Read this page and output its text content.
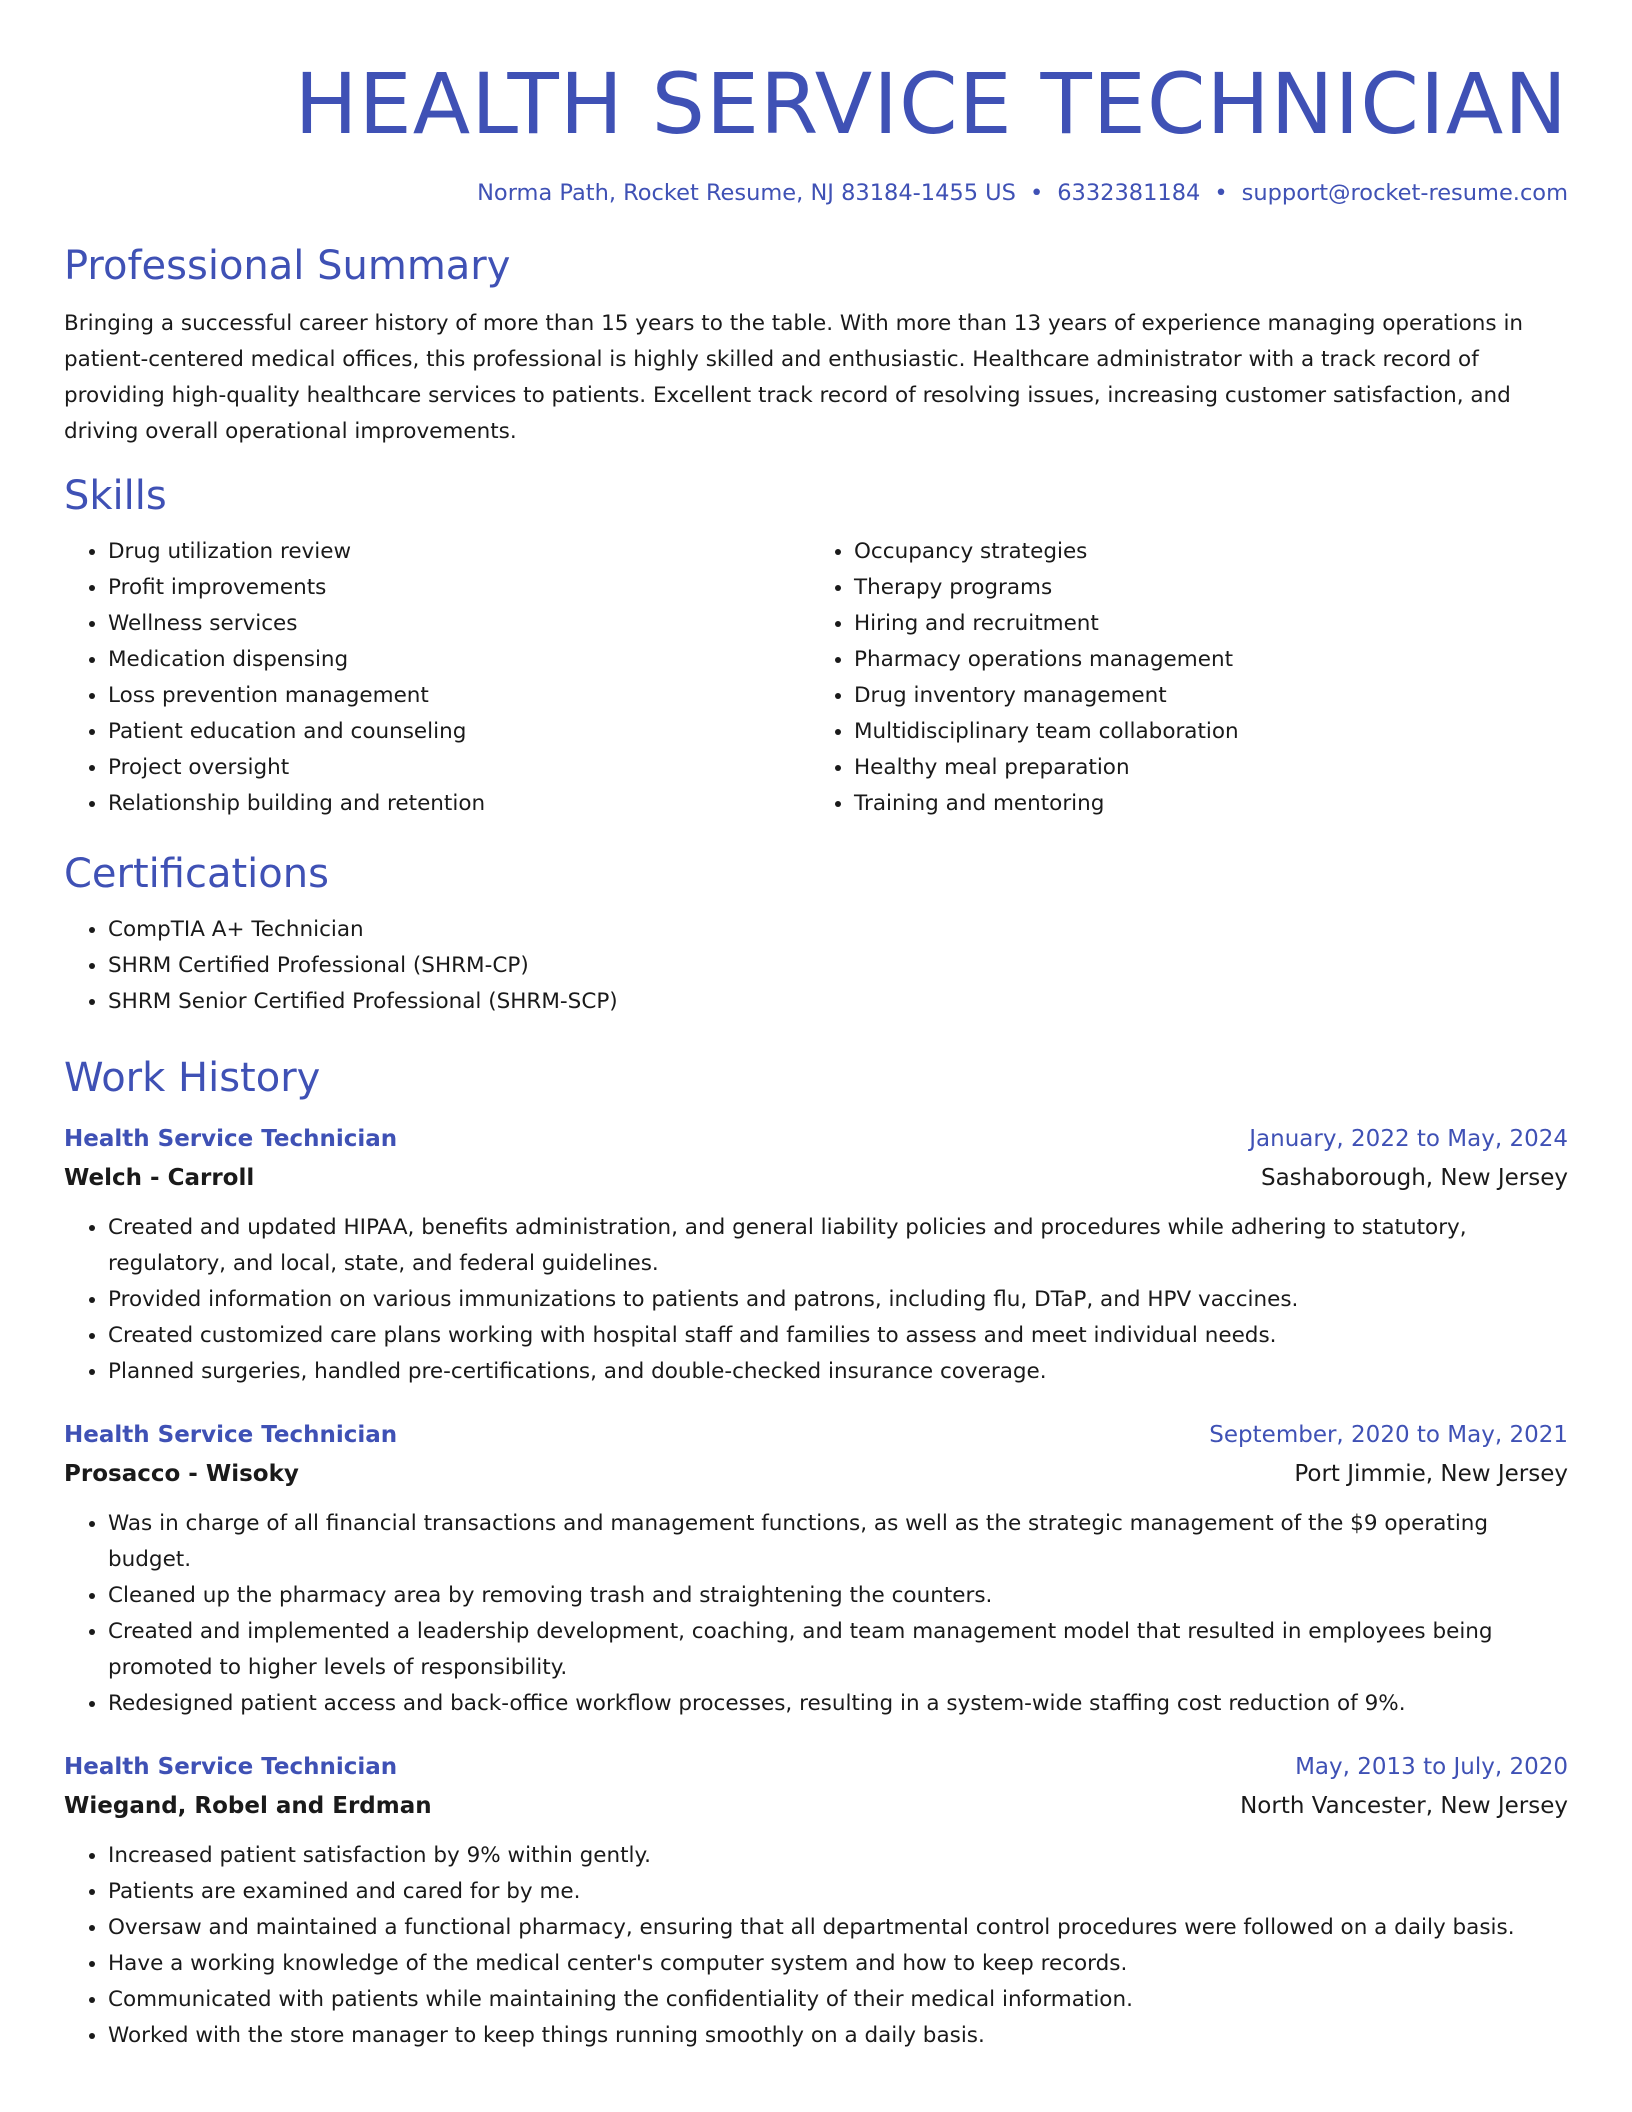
HEALTH SERVICE TECHNICIAN
Norma Path, Rocket Resume, NJ 83184-1455 US • 6332381184 • support@rocket-resume.com
Professional Summary
Bringing a successful career history of more than 15 years to the table. With more than 13 years of experience managing operations in patient-centered medical offices, this professional is highly skilled and enthusiastic. Healthcare administrator with a track record of providing high-quality healthcare services to patients. Excellent track record of resolving issues, increasing customer satisfaction, and driving overall operational improvements.
Skills
• Drug utilization review
• Profit improvements
• Wellness services
• Medication dispensing
• Loss prevention management
• Patient education and counseling
• Project oversight
• Relationship building and retention
• Occupancy strategies
• Therapy programs
• Hiring and recruitment
• Pharmacy operations management
• Drug inventory management
• Multidisciplinary team collaboration
• Healthy meal preparation
• Training and mentoring
Certifications
• CompTIA A+ Technician
• SHRM Certified Professional (SHRM-CP)
• SHRM Senior Certified Professional (SHRM-SCP)
Work History
Health Service Technician	January, 2022 to May, 2024
Welch - Carroll	Sashaborough, New Jersey
• Created and updated HIPAA, benefits administration, and general liability policies and procedures while adhering to statutory, regulatory, and local, state, and federal guidelines.
• Provided information on various immunizations to patients and patrons, including flu, DTaP, and HPV vaccines.
• Created customized care plans working with hospital staff and families to assess and meet individual needs.
• Planned surgeries, handled pre-certifications, and double-checked insurance coverage.
Health Service Technician	September, 2020 to May, 2021
Prosacco - Wisoky	Port Jimmie, New Jersey
• Was in charge of all financial transactions and management functions, as well as the strategic management of the $9 operating budget.
• Cleaned up the pharmacy area by removing trash and straightening the counters.
• Created and implemented a leadership development, coaching, and team management model that resulted in employees being promoted to higher levels of responsibility.
• Redesigned patient access and back-office workflow processes, resulting in a system-wide staffing cost reduction of 9%.
Health Service Technician	May, 2013 to July, 2020
Wiegand, Robel and Erdman	North Vancester, New Jersey
• Increased patient satisfaction by 9% within gently.
• Patients are examined and cared for by me.
• Oversaw and maintained a functional pharmacy, ensuring that all departmental control procedures were followed on a daily basis.
• Have a working knowledge of the medical center's computer system and how to keep records.
• Communicated with patients while maintaining the confidentiality of their medical information.
• Worked with the store manager to keep things running smoothly on a daily basis.
